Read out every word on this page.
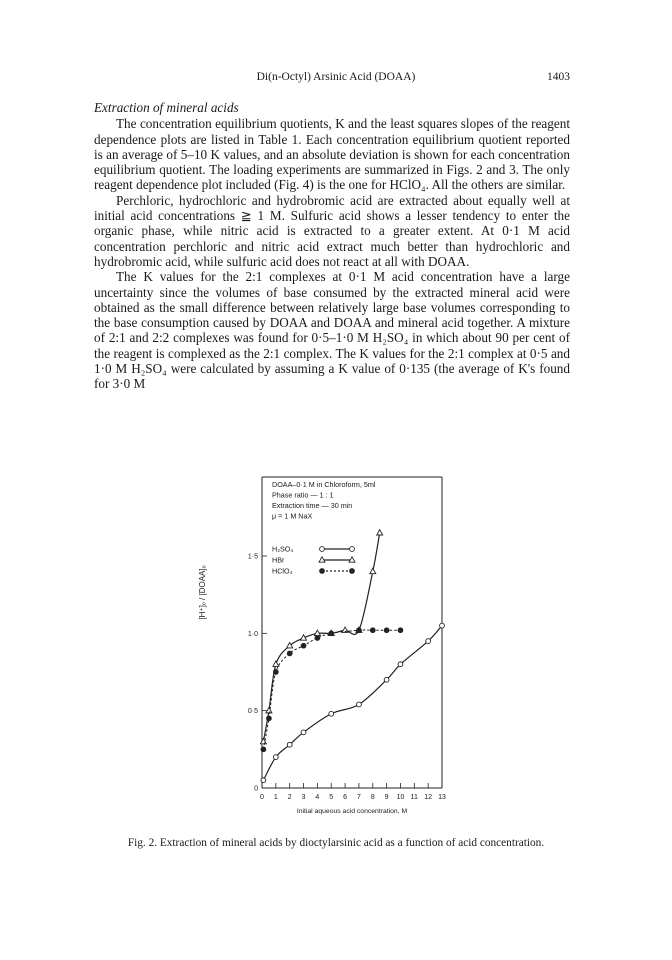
Di(n-Octyl) Arsinic Acid (DOAA)	1403

Extraction of mineral acids

The concentration equilibrium quotients, K and the least squares slopes of the reagent dependence plots are listed in Table 1. Each concentration equilibrium quotient reported is an average of 5–10 K values, and an absolute deviation is shown for each concentration equilibrium quotient. The loading experiments are summarized in Figs. 2 and 3. The only reagent dependence plot included (Fig. 4) is the one for HClO₄. All the others are similar.

Perchloric, hydrochloric and hydrobromic acid are extracted about equally well at initial acid concentrations ≧ 1 M. Sulfuric acid shows a lesser tendency to enter the organic phase, while nitric acid is extracted to a greater extent. At 0·1 M acid concentration perchloric and nitric acid extract much better than hydrochloric and hydrobromic acid, while sulfuric acid does not react at all with DOAA.

The K values for the 2:1 complexes at 0·1 M acid concentration have a large uncertainty since the volumes of base consumed by the extracted mineral acid were obtained as the small difference between relatively large base volumes corresponding to the base consumption caused by DOAA and DOAA and mineral acid together. A mixture of 2:1 and 2:2 complexes was found for 0·5–1·0 M H₂SO₄ in which about 90 per cent of the reagent is complexed as the 2:1 complex. The K values for the 2:1 complex at 0·5 and 1·0 M H₂SO₄ were calculated by assuming a K value of 0·135 (the average of K's found for 3·0 M

0 1 2 3 4 5 6 7 8 9 10 11 12 13
0
0·5
1·0
1·5
Initial aqueous acid concentration, M
[H⁺]ₒ / [DOAA]ₒ
DOAA–0·1 M in Chloroform, 5ml
Phase ratio — 1 : 1
Extraction time — 30 min
μ = 1 M NaX
H₂SO₄
HBr
HClO₄
Fig. 2. Extraction of mineral acids by dioctylarsinic acid as a function of acid concentration.
